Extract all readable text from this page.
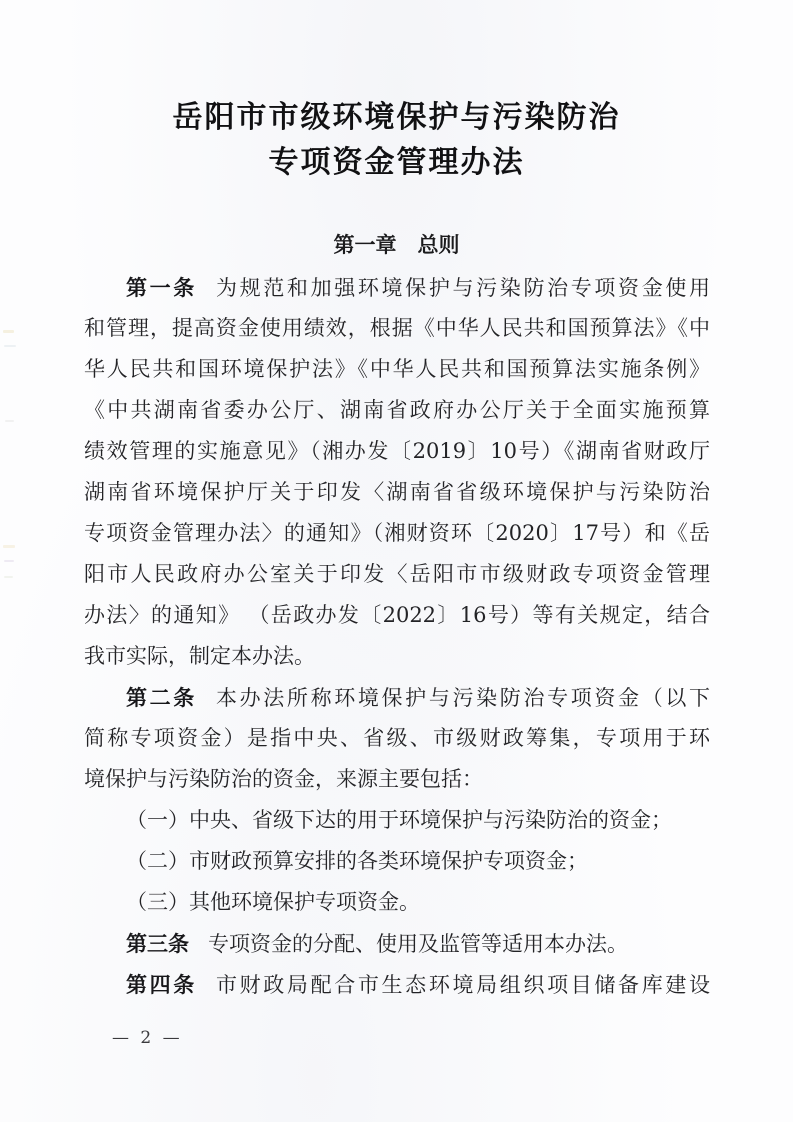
岳阳市市级环境保护与污染防治
专项资金管理办法
第一章　总则
第一条 为规范和加强环境保护与污染防治专项资金使用
和管理，提高资金使用绩效，根据《中华人民共和国预算法》《中
华人民共和国环境保护法》《中华人民共和国预算法实施条例》
《中共湖南省委办公厅、湖南省政府办公厅关于全面实施预算
绩效管理的实施意见》（湘办发〔2019〕10号）《湖南省财政厅
湖南省环境保护厅关于印发〈湖南省省级环境保护与污染防治
专项资金管理办法〉的通知》（湘财资环〔2020〕17号）和《岳
阳市人民政府办公室关于印发〈岳阳市市级财政专项资金管理
办法〉的通知》 （岳政办发〔2022〕16号）等有关规定，结合
我市实际，制定本办法。
第二条 本办法所称环境保护与污染防治专项资金（以下
简称专项资金）是指中央、省级、市级财政筹集，专项用于环
境保护与污染防治的资金，来源主要包括：
（一）中央、省级下达的用于环境保护与污染防治的资金；
（二）市财政预算安排的各类环境保护专项资金；
（三）其他环境保护专项资金。
第三条 专项资金的分配、使用及监管等适用本办法。
第四条 市财政局配合市生态环境局组织项目储备库建设
— 2 —
